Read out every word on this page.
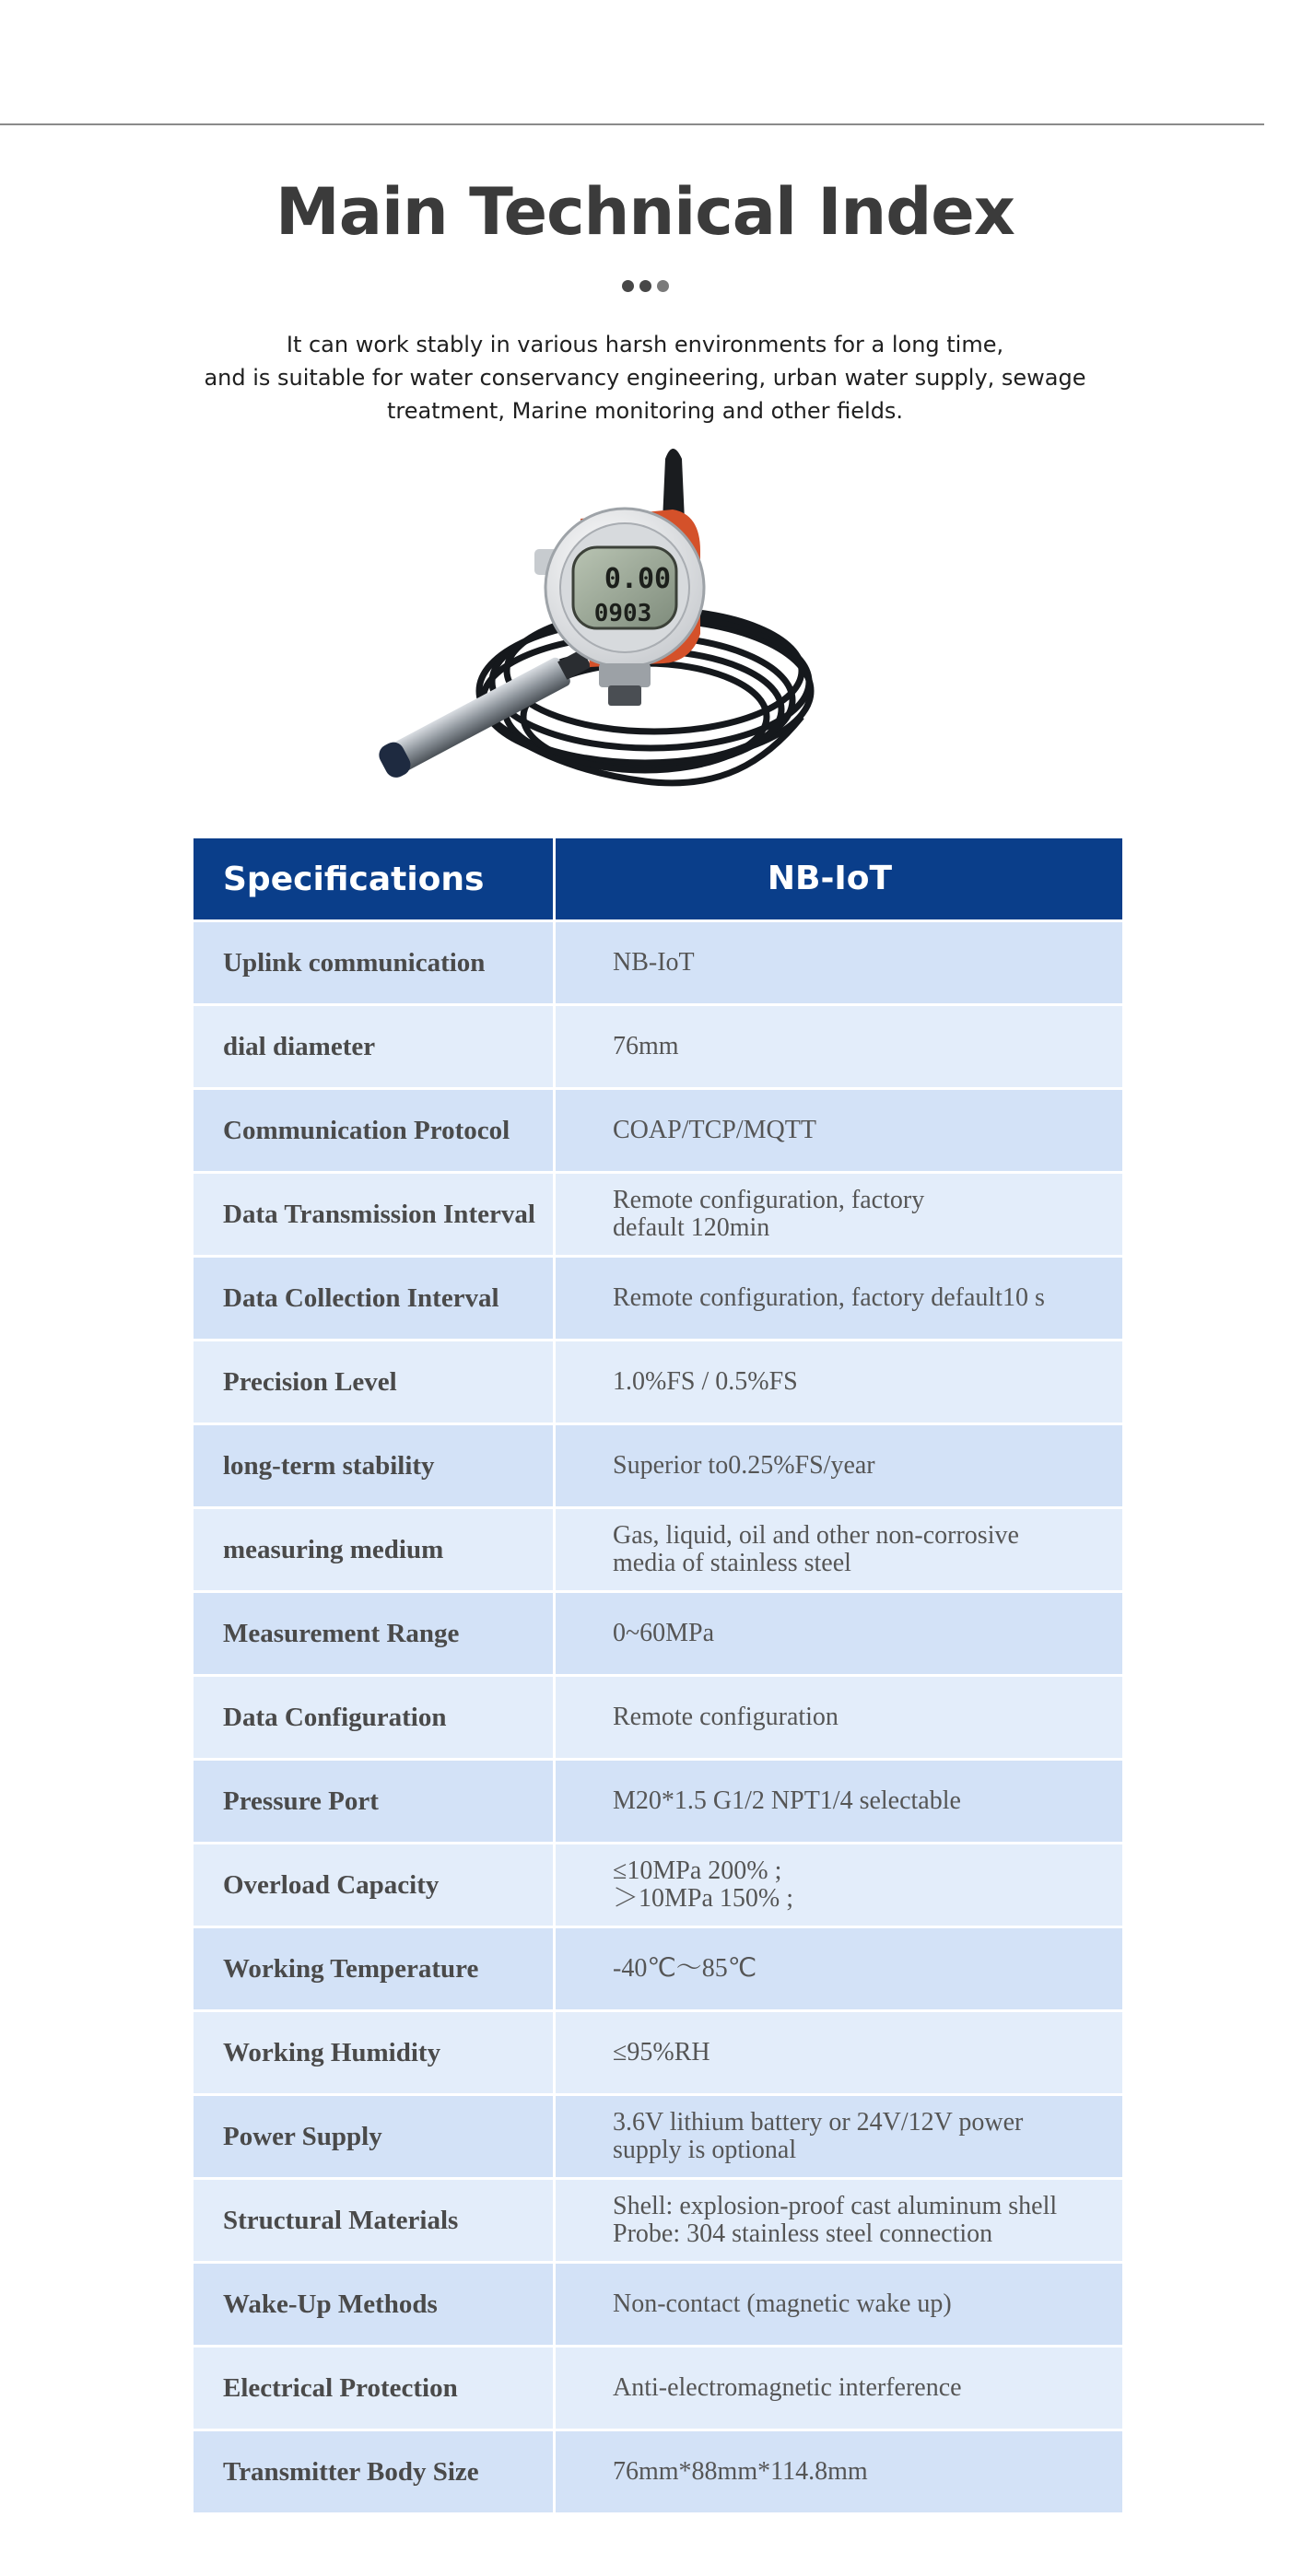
Main Technical Index
It can work stably in various harsh environments for a long time,
and is suitable for water conservancy engineering, urban water supply, sewage
treatment, Marine monitoring and other fields.
0.00
0903
Specifications	NB-IoT
Uplink communication	NB-IoT
dial diameter	76mm
Communication Protocol	COAP/TCP/MQTT
Data Transmission Interval	Remote configuration, factory
default 120min
Data Collection Interval	Remote configuration, factory default10 s
Precision Level	1.0%FS / 0.5%FS
long-term stability	Superior to0.25%FS/year
measuring medium	Gas, liquid, oil and other non-corrosive
media of stainless steel
Measurement Range	0~60MPa
Data Configuration	Remote configuration
Pressure Port	M20*1.5 G1/2 NPT1/4 selectable
Overload Capacity	≤10MPa 200% ;
＞10MPa 150% ;
Working Temperature	-40℃〜85℃
Working Humidity	≤95%RH
Power Supply	3.6V lithium battery or 24V/12V power
supply is optional
Structural Materials	Shell: explosion-proof cast aluminum shell
Probe: 304 stainless steel connection
Wake-Up Methods	Non-contact (magnetic wake up)
Electrical Protection	Anti-electromagnetic interference
Transmitter Body Size	76mm*88mm*114.8mm
